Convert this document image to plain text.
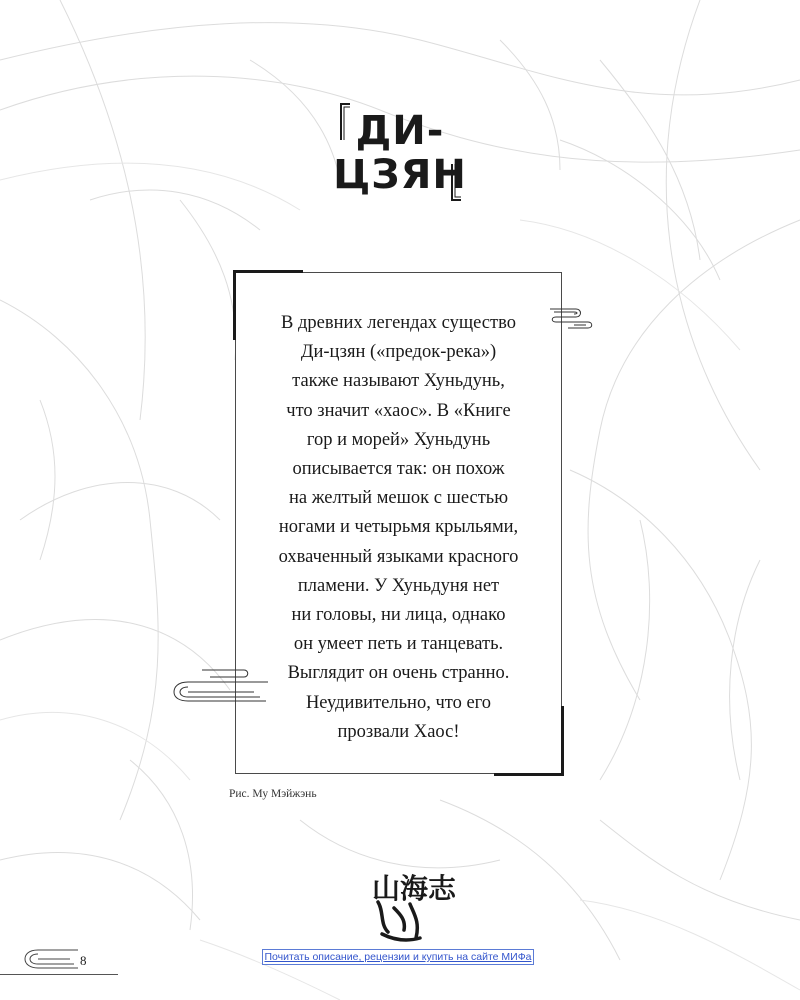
ДИ-
ЦЗЯН
В древних легендах существо
Ди-цзян («предок-река»)
также называют Хуньдунь,
что значит «хаос». В «Книге
гор и морей» Хуньдунь
описывается так: он похож
на желтый мешок с шестью
ногами и четырьмя крыльями,
охваченный языками красного
пламени. У Хуньдуня нет
ни головы, ни лица, однако
он умеет петь и танцевать.
Выглядит он очень странно.
Неудивительно, что его
прозвали Хаос!
Рис. Му Мэйжэнь
山海志
8	Почитать описание, рецензии и купить на сайте МИФа
